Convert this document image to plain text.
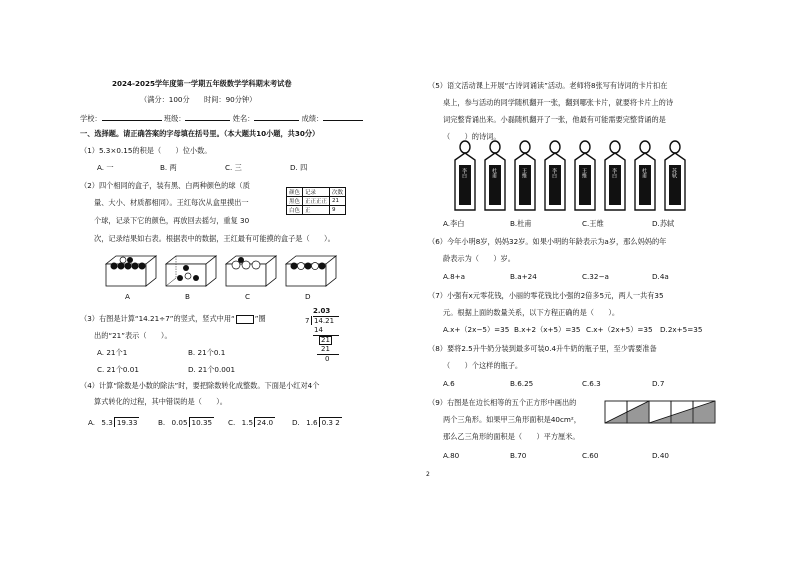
2024-2025学年度第一学期五年级数学学科期末考试卷
（满分：100分　　时间：90分钟）
学校：	班级：	姓名：	成绩：
一、选择题。请正确答案的字母填在括号里。（本大题共10小题，共30分）
（1）5.3×0.15的积是（　　）位小数。
A. 一	B. 两	C. 三	D. 四
（2）四个相同的盒子，装有黑、白两种颜色的球（质
量、大小、材质都相同）。王红每次从盒里摸出一
个球，记录下它的颜色，再放回去摇匀，重复 30
次，记录结果如右表。根据表中的数据，王红最有可能摸的盒子是（　　）。
颜色	记录	次数
黑色	正正正正	21
白色	正	9
A	B	C	D
（3）右图是计算“14.21÷7”的竖式，竖式中用“	”圈
出的“21”表示（　　）。
A. 21个1	B. 21个0.1
C. 21个0.01	D. 21个0.001
2.03
7 14.21
14
21
21
0
（4）计算“除数是小数的除法”时，要把除数转化成整数。下面是小红对4个
算式转化的过程，其中错误的是（　　）。
A. 5.3 19.33	B. 0.05 10.35 C. 1.5 24.0	D. 1.6 0.3 2
（5）语文活动课上开展“古诗词诵读”活动。老师将8张写有诗词的卡片扣在
桌上，参与活动的同学随机翻开一张，翻到哪张卡片，就要将卡片上的诗
词完整背诵出来。小磊随机翻开了一张，他最有可能需要完整背诵的是
（　　）的诗词。
李白	杜甫	王维	李白	王维	李白	杜甫	苏轼
A.李白	B.杜甫	C.王维	D.苏轼
（6）今年小明8岁，妈妈32岁。如果小明的年龄表示为a岁，那么妈妈的年
龄表示为（　　）岁。
A.8+a	B.a+24	C.32−a	D.4a
（7）小强有x元零花钱，小丽的零花钱比小强的2倍多5元，两人一共有35
元。根据上面的数量关系，以下方程正确的是（　　）。
A.x+（2x−5）=35 B.x+2（x+5）=35 C.x+（2x+5）=35 D.2x+5=35
（8）要将2.5升牛奶分装到最多可装0.4升牛奶的瓶子里，至少需要准备
（　　）个这样的瓶子。
A.6	B.6.25	C.6.3	D.7
（9）右图是在边长相等的五个正方形中画出的
两个三角形。如果甲三角形面积是40cm²，
那么乙三角形的面积是（　　）平方厘米。
A.80	B.70	C.60	D.40
2
